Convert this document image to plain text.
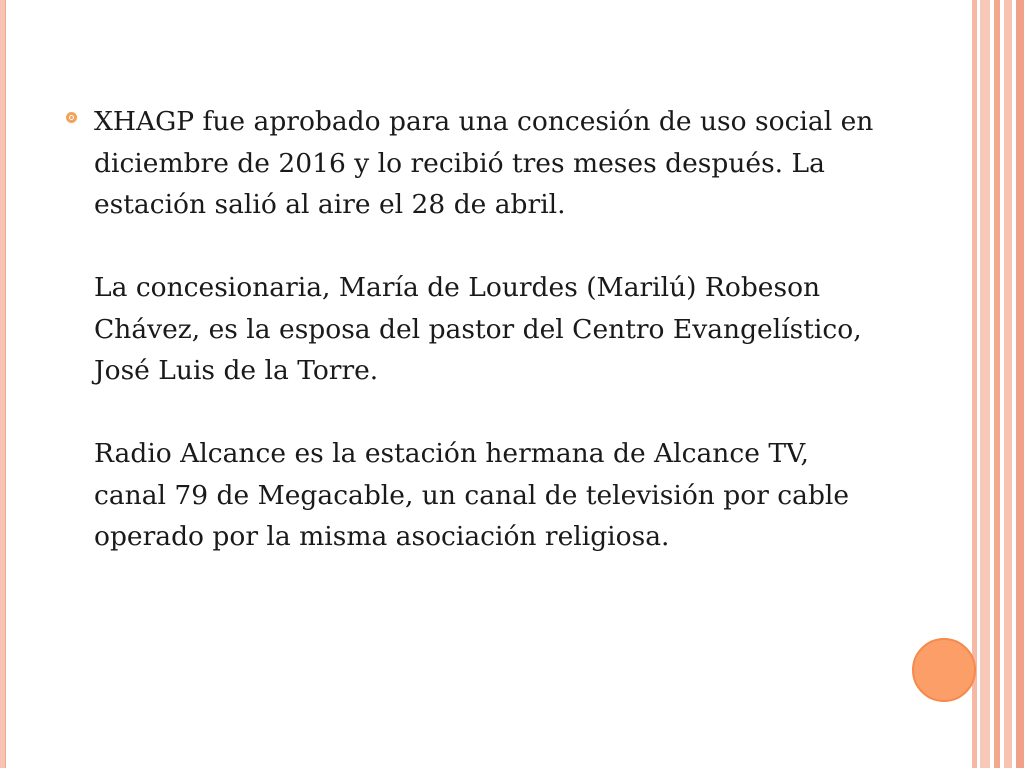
XHAGP fue aprobado para una concesión de uso social en diciembre de 2016 y lo recibió tres meses después. La estación salió al aire el 28 de abril.

La concesionaria, María de Lourdes (Marilú) Robeson Chávez, es la esposa del pastor del Centro Evangelístico, José Luis de la Torre.

Radio Alcance es la estación hermana de Alcance TV, canal 79 de Megacable, un canal de televisión por cable operado por la misma asociación religiosa.
